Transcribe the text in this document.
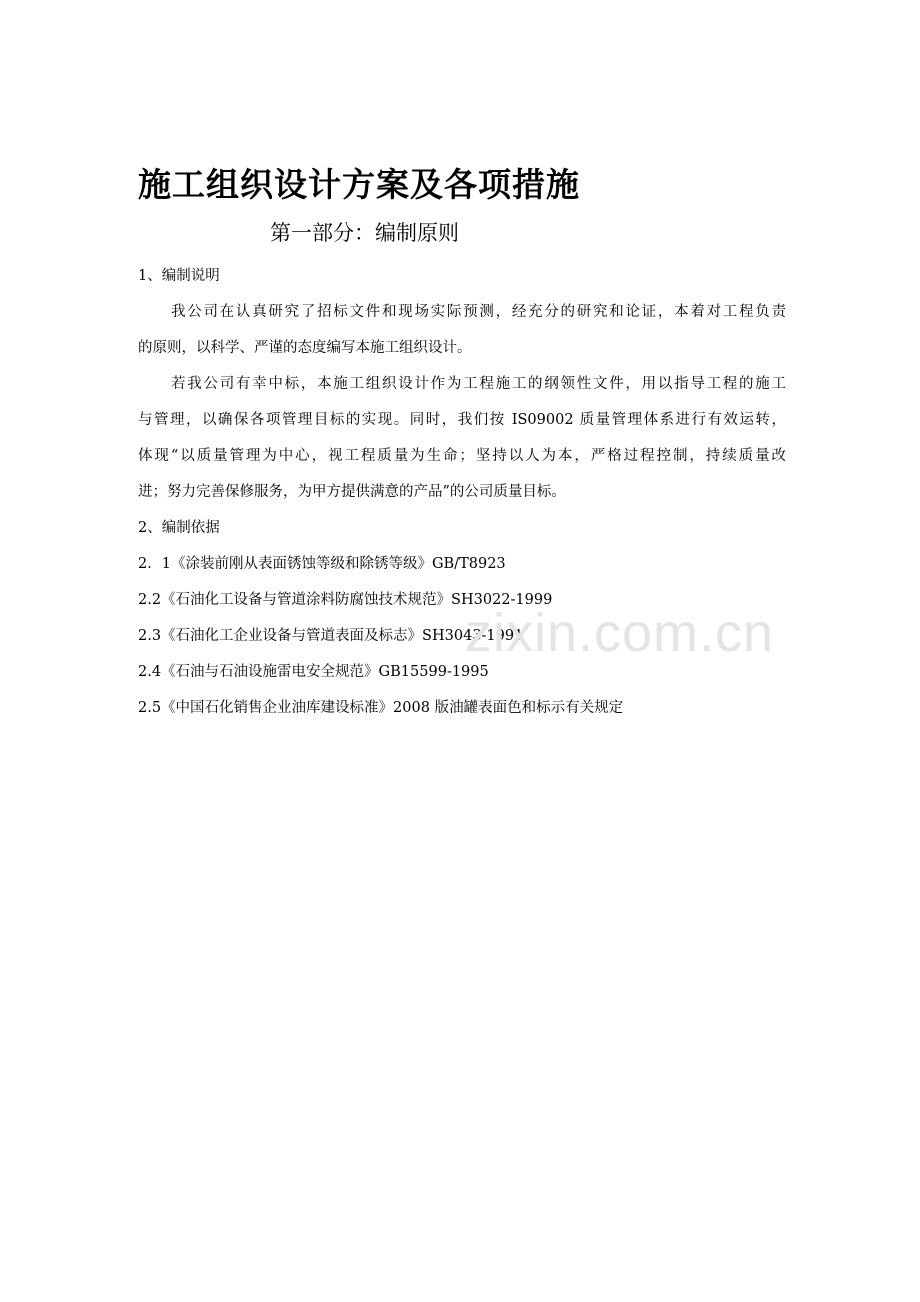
施工组织设计方案及各项措施
第一部分：编制原则
1、编制说明
我公司在认真研究了招标文件和现场实际预测，经充分的研究和论证，本着对工程负责
的原则，以科学、严谨的态度编写本施工组织设计。
若我公司有幸中标，本施工组织设计作为工程施工的纲领性文件，用以指导工程的施工
与管理，以确保各项管理目标的实现。同时，我们按 IS09002 质量管理体系进行有效运转，
体现“以质量管理为中心，视工程质量为生命；坚持以人为本，严格过程控制，持续质量改
进；努力完善保修服务，为甲方提供满意的产品”的公司质量目标。
2、编制依据
2．1《涂装前刚从表面锈蚀等级和除锈等级》GB/T8923
2.2《石油化工设备与管道涂料防腐蚀技术规范》SH3022-1999
2.3《石油化工企业设备与管道表面及标志》SH3043-1991
2.4《石油与石油设施雷电安全规范》GB15599-1995
2.5《中国石化销售企业油库建设标准》2008 版油罐表面色和标示有关规定
zixin.com.cn
